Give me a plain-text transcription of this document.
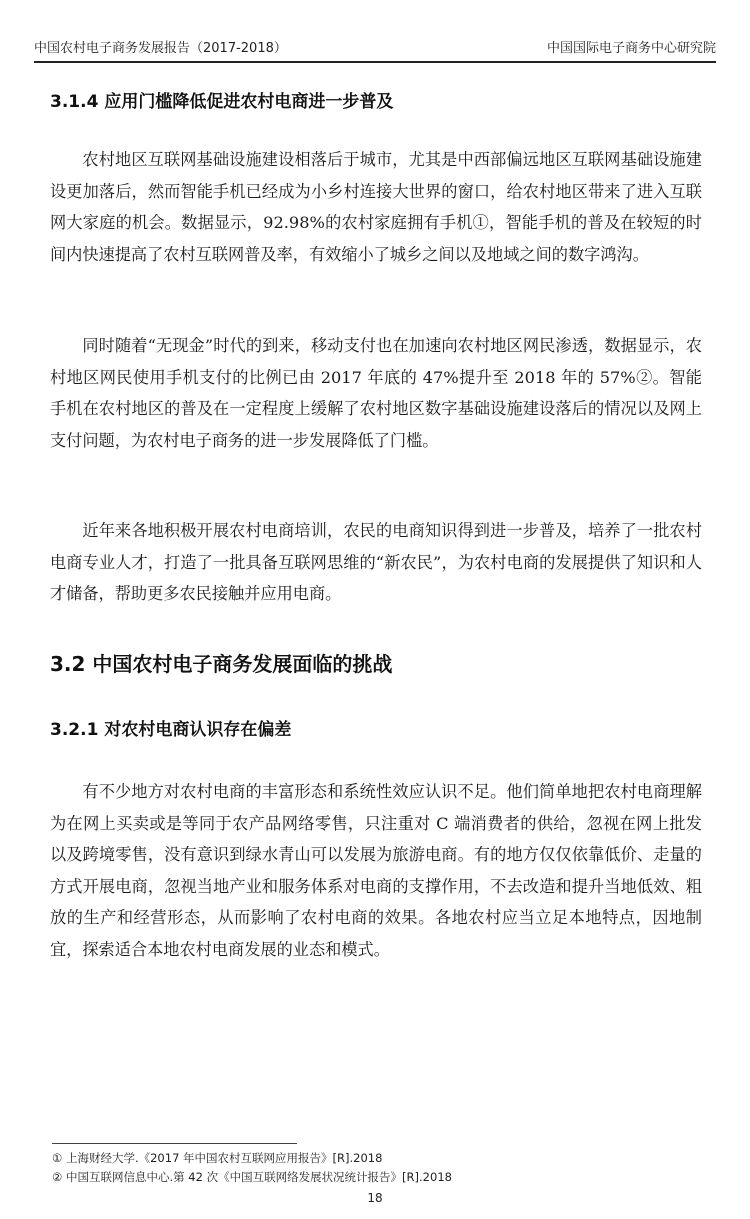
中国农村电子商务发展报告（2017-2018）	中国国际电子商务中心研究院
3.1.4 应用门槛降低促进农村电商进一步普及

农村地区互联网基础设施建设相落后于城市，尤其是中西部偏远地区互联网基础设施建设更加落后，然而智能手机已经成为小乡村连接大世界的窗口，给农村地区带来了进入互联网大家庭的机会。数据显示，92.98%的农村家庭拥有手机①，智能手机的普及在较短的时间内快速提高了农村互联网普及率，有效缩小了城乡之间以及地域之间的数字鸿沟。

同时随着“无现金”时代的到来，移动支付也在加速向农村地区网民渗透，数据显示，农村地区网民使用手机支付的比例已由 2017 年底的 47%提升至 2018 年的 57%②。智能手机在农村地区的普及在一定程度上缓解了农村地区数字基础设施建设落后的情况以及网上支付问题，为农村电子商务的进一步发展降低了门槛。

近年来各地积极开展农村电商培训，农民的电商知识得到进一步普及，培养了一批农村电商专业人才，打造了一批具备互联网思维的“新农民”，为农村电商的发展提供了知识和人才储备，帮助更多农民接触并应用电商。

3.2 中国农村电子商务发展面临的挑战
3.2.1 对农村电商认识存在偏差

有不少地方对农村电商的丰富形态和系统性效应认识不足。他们简单地把农村电商理解为在网上买卖或是等同于农产品网络零售，只注重对 C 端消费者的供给，忽视在网上批发以及跨境零售，没有意识到绿水青山可以发展为旅游电商。有的地方仅仅依靠低价、走量的方式开展电商，忽视当地产业和服务体系对电商的支撑作用，不去改造和提升当地低效、粗放的生产和经营形态，从而影响了农村电商的效果。各地农村应当立足本地特点，因地制宜，探索适合本地农村电商发展的业态和模式。

① 上海财经大学.《2017 年中国农村互联网应用报告》[R].2018
② 中国互联网信息中心.第 42 次《中国互联网络发展状况统计报告》[R].2018
18
